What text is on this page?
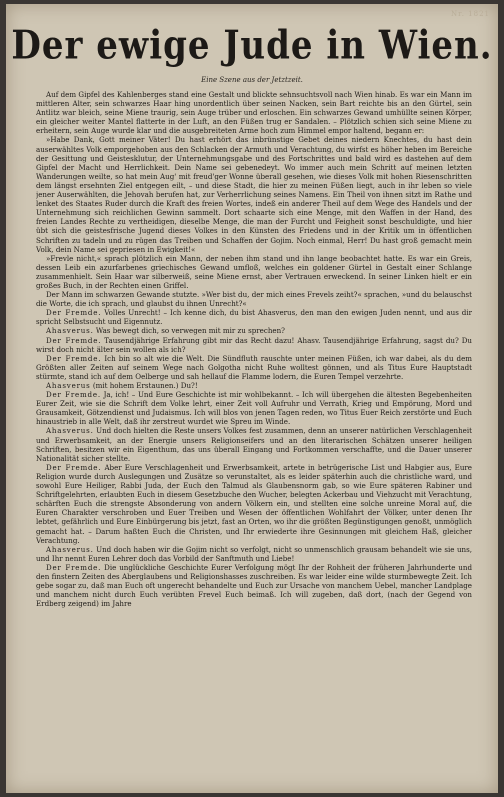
Nr. 1821
Der ewige Jude in Wien.
Eine Szene aus der Jetztzeit.

Auf dem Gipfel des Kahlenberges stand eine Gestalt und blickte sehnsuchtsvoll nach Wien hinab. Es war ein Mann im mittleren Alter, sein schwarzes Haar hing unordentlich über seinen Nacken, sein Bart reichte bis an den Gürtel, sein Antlitz war bleich, seine Miene traurig, sein Auge trüber und erloschen. Ein schwarzes Gewand umhüllte seinen Körper, ein gleicher weiter Mantel flatterte in der Luft, an den Füßen trug er Sandalen. – Plötzlich schien sich seine Miene zu erheitern, sein Auge wurde klar und die ausgebreiteten Arme hoch zum Himmel empor haltend, begann er:

»Habe Dank, Gott meiner Väter! Du hast erhört das inbrünstige Gebet deines niedern Knechtes, du hast dein auserwähltes Volk emporgehoben aus den Schlacken der Armuth und Verachtung, du wirfst es höher heben im Bereiche der Gesittung und Geistesklutur, der Unternehmungsgabe und des Fortschrittes und bald wird es dastehen auf dem Gipfel der Macht und Herrlichkeit. Dein Name sei gebenedeyt. Wo immer auch mein Schritt auf meinen letzten Wanderungen weilte, so hat mein Aug' mit freud'ger Wonne überall gesehen, wie dieses Volk mit hohen Riesenschritten dem längst ersehnten Ziel entgegen eilt, – und diese Stadt, die hier zu meinen Füßen liegt, auch in ihr leben so viele jener Auserwählten, die Jehovah berufen hat, zur Verherrlichung seines Namens. Ein Theil von ihnen sitzt im Rathe und lenket des Staates Ruder durch die Kraft des freien Wortes, indeß ein anderer Theil auf dem Wege des Handels und der Unternehmung sich reichlichen Gewinn sammelt. Dort schaarte sich eine Menge, mit den Waffen in der Hand, des freien Landes Rechte zu vertheidigen, dieselbe Menge, die man der Furcht und Feigheit sonst beschuldigte, und hier übt sich die geistesfrische Jugend dieses Volkes in den Künsten des Friedens und in der Kritik um in öffentlichen Schriften zu tadeln und zu rügen das Treiben und Schaffen der Gojim. Noch einmal, Herr! Du hast groß gemacht mein Volk, dein Name sei gepriesen in Ewigkeit!«

»Frevle nicht,« sprach plötzlich ein Mann, der neben ihm stand und ihn lange beobachtet hatte. Es war ein Greis, dessen Leib ein azurfarbenes griechisches Gewand umfloß, welches ein goldener Gürtel in Gestalt einer Schlange zusammenhielt. Sein Haar war silberweiß, seine Miene ernst, aber Vertrauen erweckend. In seiner Linken hielt er ein großes Buch, in der Rechten einen Griffel.

Der Mann im schwarzen Gewande stutzte. »Wer bist du, der mich eines Frevels zeiht?« sprachen, »und du belauschst die Worte, die ich sprach, und glaubst du ihnen Unrecht?«

Der Fremde. Volles Unrecht! – Ich kenne dich, du bist Ahasverus, den man den ewigen Juden nennt, und aus dir spricht Selbstsucht und Eigennutz.

Ahasverus. Was bewegt dich, so verwegen mit mir zu sprechen?

Der Fremde. Tausendjährige Erfahrung gibt mir das Recht dazu! Ahasv. Tausendjährige Erfahrung, sagst du? Du wirst doch nicht älter sein wollen als ich?

Der Fremde. Ich bin so alt wie die Welt. Die Sündfluth rauschte unter meinen Füßen, ich war dabei, als du dem Größten aller Zeiten auf seinem Wege nach Golgotha nicht Ruhe wolltest gönnen, und als Titus Eure Hauptstadt stürmte, stand ich auf dem Oelberge und sah hellauf die Flamme lodern, die Euren Tempel verzehrte.

Ahasverus (mit hohem Erstaunen.) Du?!

Der Fremde. Ja, ich! – Und Eure Geschichte ist mir wohlbekannt. – Ich will übergehen die ältesten Begebenheiten Eurer Zeit, wie sie die Schrift dem Volke lehrt, einer Zeit voll Aufruhr und Verrath, Krieg und Empörung, Mord und Grausamkeit, Götzendienst und Judaismus. Ich will blos von jenen Tagen reden, wo Titus Euer Reich zerstörte und Euch hinaustrieb in alle Welt, daß ihr zerstreut wurdet wie Spreu im Winde.

Ahasverus. Und doch hielten die Reste unsers Volkes fest zusammen, denn an unserer natürlichen Verschlagenheit und Erwerbsamkeit, an der Energie unsers Religionseifers und an den literarischen Schätzen unserer heiligen Schriften, besitzen wir ein Eigenthum, das uns überall Eingang und Fortkommen verschaffte, und die Dauer unserer Nationalität sicher stellte.

Der Fremde. Aber Eure Verschlagenheit und Erwerbsamkeit, artete in betrügerische List und Habgier aus, Eure Religion wurde durch Auslegungen und Zusätze so verunstaltet, als es leider späterhin auch die christliche ward, und sowohl Eure Heiliger, Rabbi Juda, der Euch den Talmud als Glaubensnorm gab, so wie Eure späteren Rabiner und Schriftgelehrten, erlaubten Euch in diesem Gesetzbuche den Wucher, belegten Ackerbau und Viehzucht mit Verachtung, schärften Euch die strengste Absonderung von andern Völkern ein, und stellten eine solche unreine Moral auf, die Euren Charakter verschroben und Euer Treiben und Wesen der öffentlichen Wohlfahrt der Völker, unter denen Ihr lebtet, gefährlich und Eure Einbürgerung bis jetzt, fast an Orten, wo ihr die größten Begünstigungen genoßt, unmöglich gemacht hat. – Darum haßten Euch die Christen, und Ihr erwiederte ihre Gesinnungen mit gleichem Haß, gleicher Verachtung.

Ahasverus. Und doch haben wir die Gojim nicht so verfolgt, nicht so unmenschlich grausam behandelt wie sie uns, und Ihr nennt Euren Lehrer doch das Vorbild der Sanftmuth und Liebe!

Der Fremde. Die unglückliche Geschichte Eurer Verfolgung mögt Ihr der Rohheit der früheren Jahrhunderte und den finstern Zeiten des Aberglaubens und Religionshasses zuschreiben. Es war leider eine wilde sturmbewegte Zeit. Ich gebe sogar zu, daß man Euch oft ungerecht behandelte und Euch zur Ursache von manchem Uebel, mancher Landplage und manchem nicht durch Euch verübten Frevel Euch beimaß. Ich will zugeben, daß dort, (nach der Gegend von Erdberg zeigend) im Jahre
